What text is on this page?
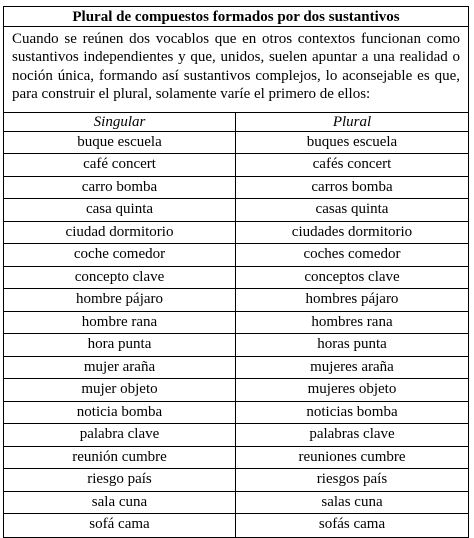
Plural de compuestos formados por dos sustantivos
Cuando se reúnen dos vocablos que en otros contextos funcionan como sustantivos independientes y que, unidos, suelen apuntar a una realidad o noción única, formando así sustantivos complejos, lo aconsejable es que, para construir el plural, solamente varíe el primero de ellos:
Singular	Plural
buque escuela	buques escuela
café concert	cafés concert
carro bomba	carros bomba
casa quinta	casas quinta
ciudad dormitorio	ciudades dormitorio
coche comedor	coches comedor
concepto clave	conceptos clave
hombre pájaro	hombres pájaro
hombre rana	hombres rana
hora punta	horas punta
mujer araña	mujeres araña
mujer objeto	mujeres objeto
noticia bomba	noticias bomba
palabra clave	palabras clave
reunión cumbre	reuniones cumbre
riesgo país	riesgos país
sala cuna	salas cuna
sofá cama	sofás cama
